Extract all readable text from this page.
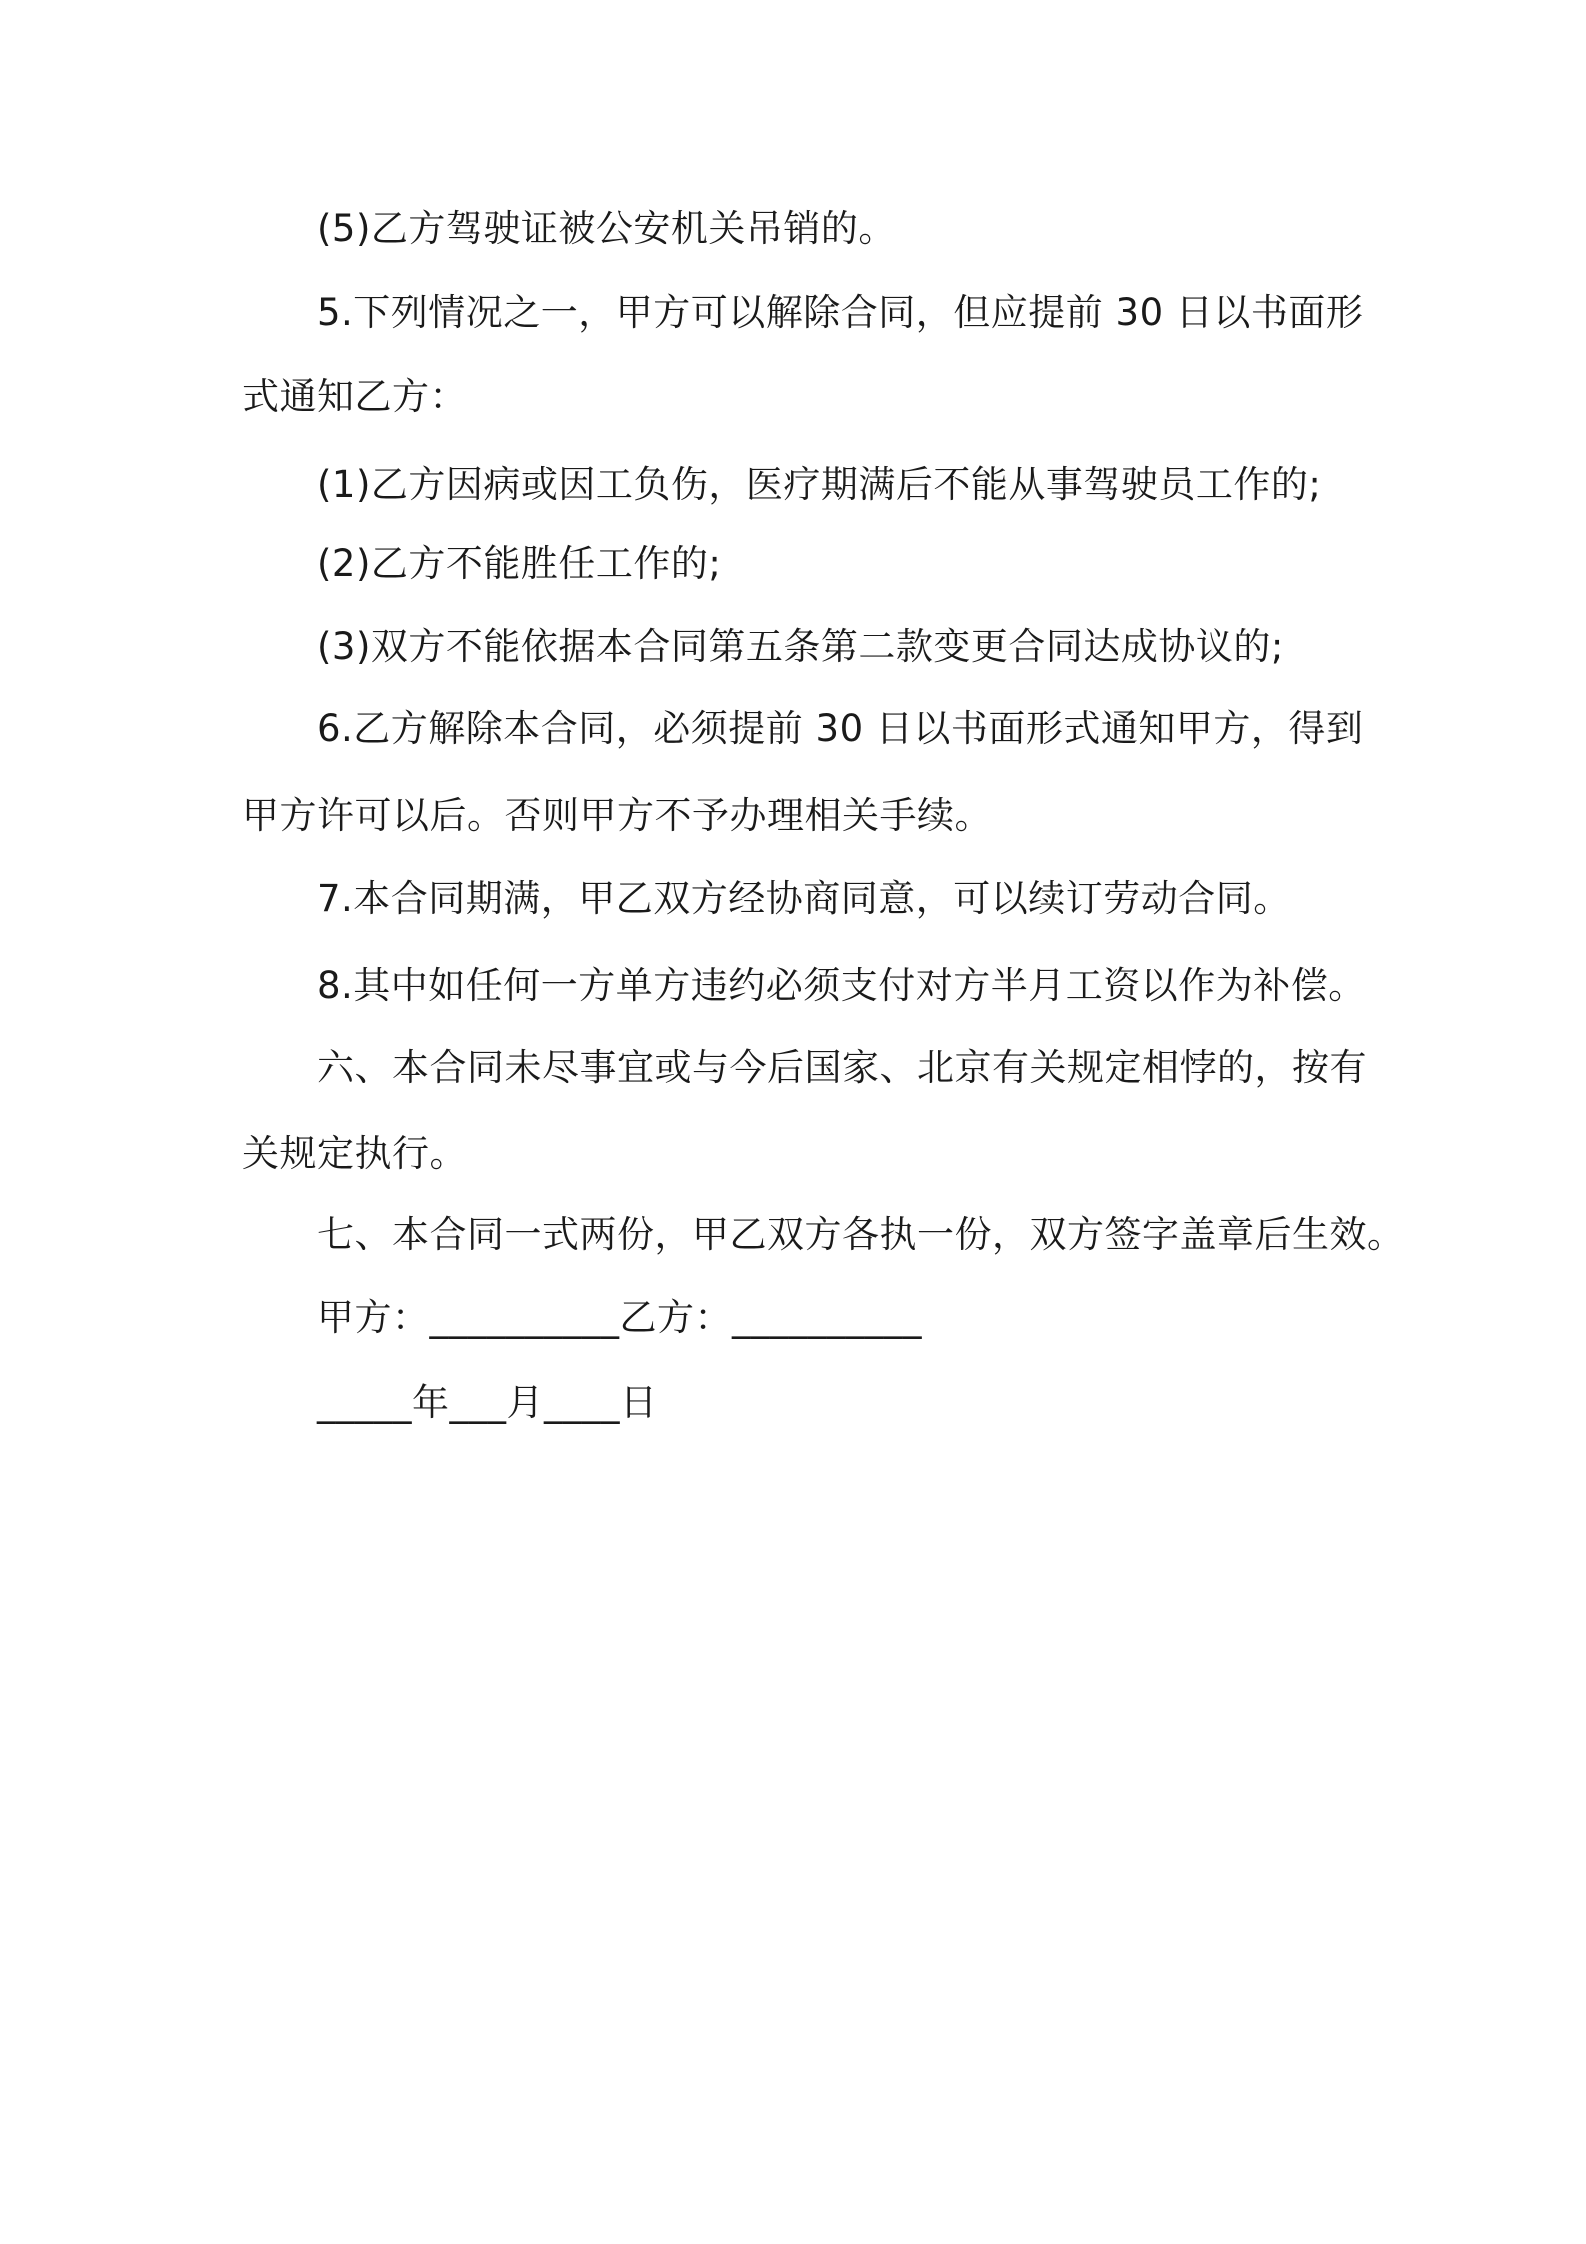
(5)乙方驾驶证被公安机关吊销的。
5.下列情况之一，甲方可以解除合同，但应提前 30 日以书面形
式通知乙方：
(1)乙方因病或因工负伤，医疗期满后不能从事驾驶员工作的;
(2)乙方不能胜任工作的;
(3)双方不能依据本合同第五条第二款变更合同达成协议的;
6.乙方解除本合同，必须提前 30 日以书面形式通知甲方，得到
甲方许可以后。否则甲方不予办理相关手续。
7.本合同期满，甲乙双方经协商同意，可以续订劳动合同。
8.其中如任何一方单方违约必须支付对方半月工资以作为补偿。
六、本合同未尽事宜或与今后国家、北京有关规定相悖的，按有
关规定执行。
七、本合同一式两份，甲乙双方各执一份，双方签字盖章后生效。
甲方：__________乙方：__________
_____年___月____日
